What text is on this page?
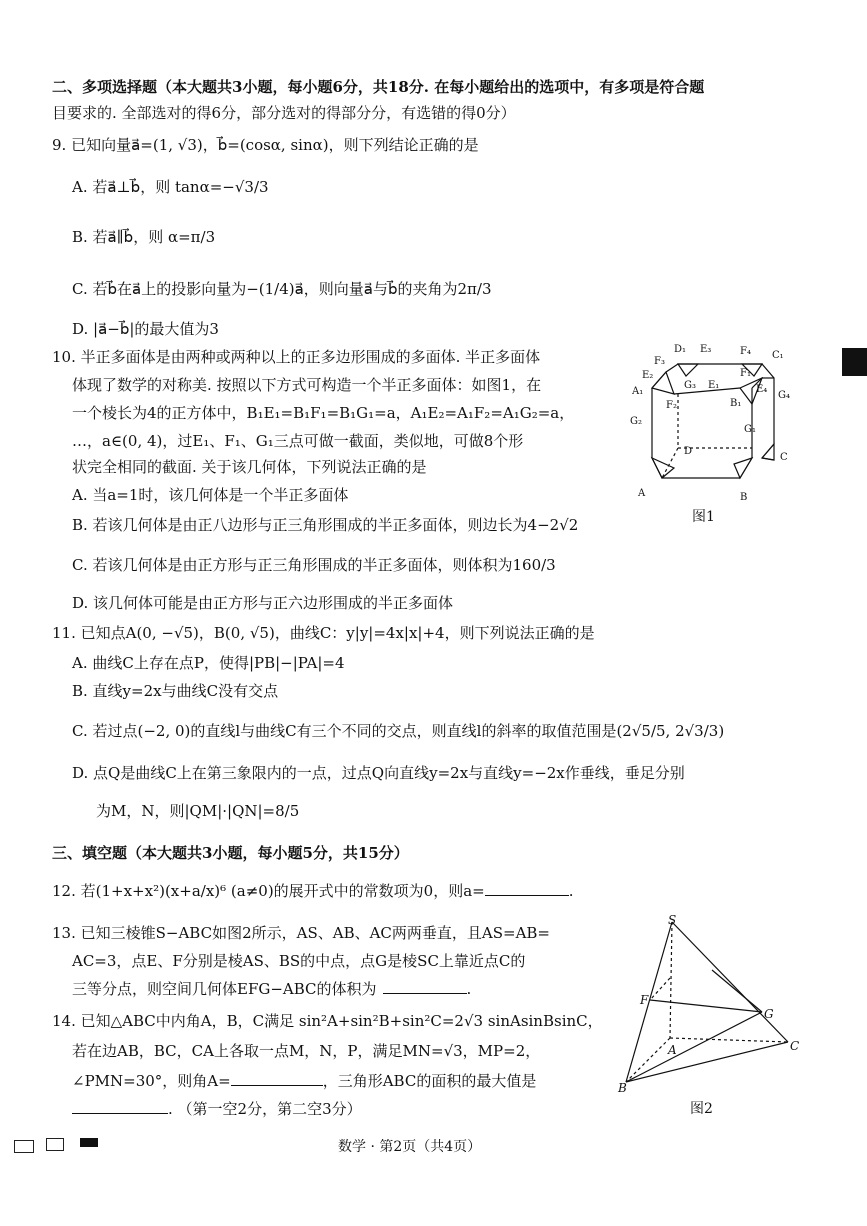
二、多项选择题（本大题共3小题，每小题6分，共18分. 在每小题给出的选项中，有多项是符合题
目要求的. 全部选对的得6分，部分选对的得部分分，有选错的得0分）
9. 已知向量a⃗=(1, √3)，b⃗=(cosα, sinα)，则下列结论正确的是
A. 若a⃗⊥b⃗，则 tanα=−√3/3
B. 若a⃗∥b⃗，则 α=π/3
C. 若b⃗在a⃗上的投影向量为−(1/4)a⃗，则向量a⃗与b⃗的夹角为2π/3
D. |a⃗−b⃗|的最大值为3
10. 半正多面体是由两种或两种以上的正多边形围成的多面体. 半正多面体
体现了数学的对称美. 按照以下方式可构造一个半正多面体：如图1，在
一个棱长为4的正方体中，B₁E₁=B₁F₁=B₁G₁=a，A₁E₂=A₁F₂=A₁G₂=a，
…，a∈(0, 4)，过E₁、F₁、G₁三点可做一截面，类似地，可做8个形
状完全相同的截面. 关于该几何体，下列说法正确的是
A. 当a=1时，该几何体是一个半正多面体
B. 若该几何体是由正八边形与正三角形围成的半正多面体，则边长为4−2√2
C. 若该几何体是由正方形与正三角形围成的半正多面体，则体积为160/3
D. 该几何体可能是由正方形与正六边形围成的半正多面体
D₁ E₃	F₄ C₁
F₃
E₂
G₃ E₁
F₁
E₄
A₁
F₂	B₁
G₄
G₂
G₁
D
C
A	B
图1
11. 已知点A(0, −√5)，B(0, √5)，曲线C：y|y|=4x|x|+4，则下列说法正确的是
A. 曲线C上存在点P，使得|PB|−|PA|=4
B. 直线y=2x与曲线C没有交点
C. 若过点(−2, 0)的直线l与曲线C有三个不同的交点，则直线l的斜率的取值范围是(2√5/5, 2√3/3)
D. 点Q是曲线C上在第三象限内的一点，过点Q向直线y=2x与直线y=−2x作垂线，垂足分别
为M，N，则|QM|·|QN|=8/5
三、填空题（本大题共3小题，每小题5分，共15分）
12. 若(1+x+x²)(x+a/x)⁶ (a≠0)的展开式中的常数项为0，则a=	.
13. 已知三棱锥S−ABC如图2所示，AS、AB、AC两两垂直，且AS=AB=
AC=3，点E、F分别是棱AS、BS的中点，点G是棱SC上靠近点C的
三等分点，则空间几何体EFG−ABC的体积为	.
14. 已知△ABC中内角A，B，C满足 sin²A+sin²B+sin²C=2√3 sinAsinBsinC，
若在边AB，BC，CA上各取一点M，N，P，满足MN=√3，MP=2，
∠PMN=30°，则角A=	，三角形ABC的面积的最大值是
. （第一空2分，第二空3分）
S
F
G
A	C
B
图2
数学 · 第2页（共4页）
